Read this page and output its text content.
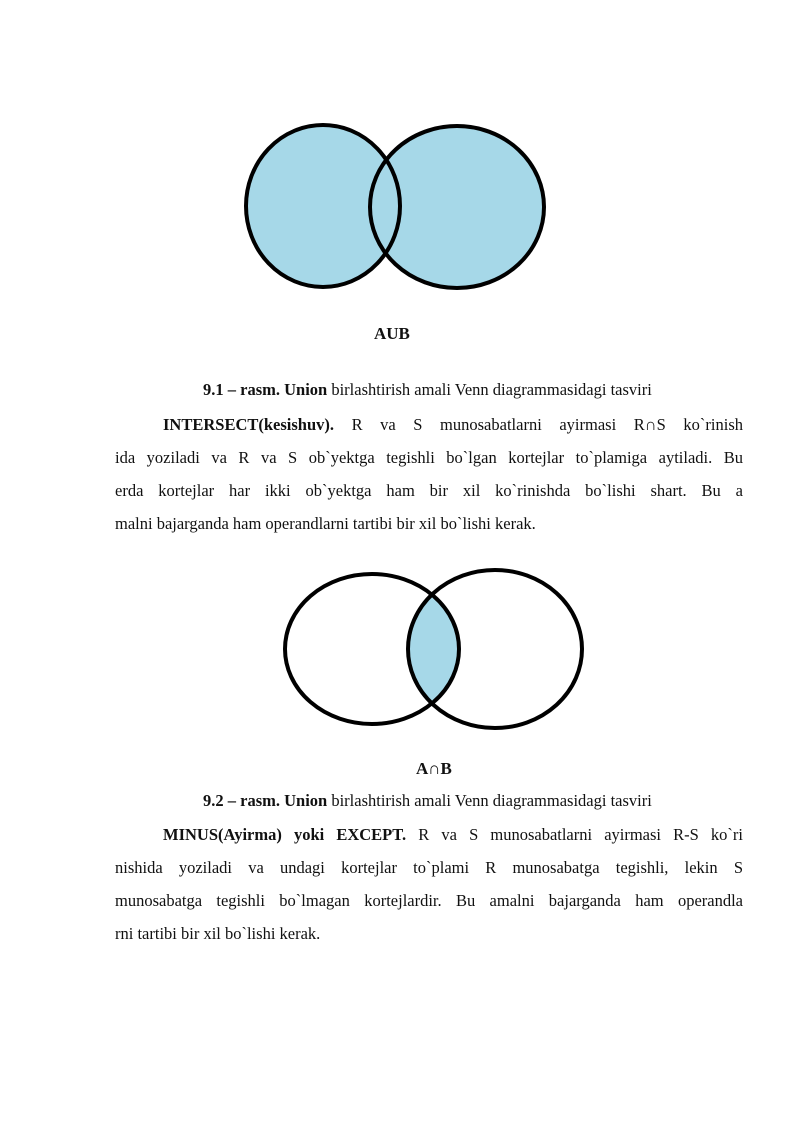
AUB
9.1 – rasm. Union birlashtirish amali Venn diagrammasidagi tasviri
INTERSECT(kesishuv). R va S munosabatlarni ayirmasi R∩S ko`rinish
ida yoziladi va R va S ob`yektga tegishli bo`lgan kortejlar to`plamiga aytiladi. Bu
erda kortejlar har ikki ob`yektga ham bir xil ko`rinishda bo`lishi shart. Bu a
malni bajarganda ham operandlarni tartibi bir xil bo`lishi kerak.
A∩B
9.2 – rasm. Union birlashtirish amali Venn diagrammasidagi tasviri
MINUS(Ayirma) yoki EXCEPT. R va S munosabatlarni ayirmasi R-S ko`ri
nishida yoziladi va undagi kortejlar to`plami R munosabatga tegishli, lekin S
munosabatga tegishli bo`lmagan kortejlardir. Bu amalni bajarganda ham operandla
rni tartibi bir xil bo`lishi kerak.
